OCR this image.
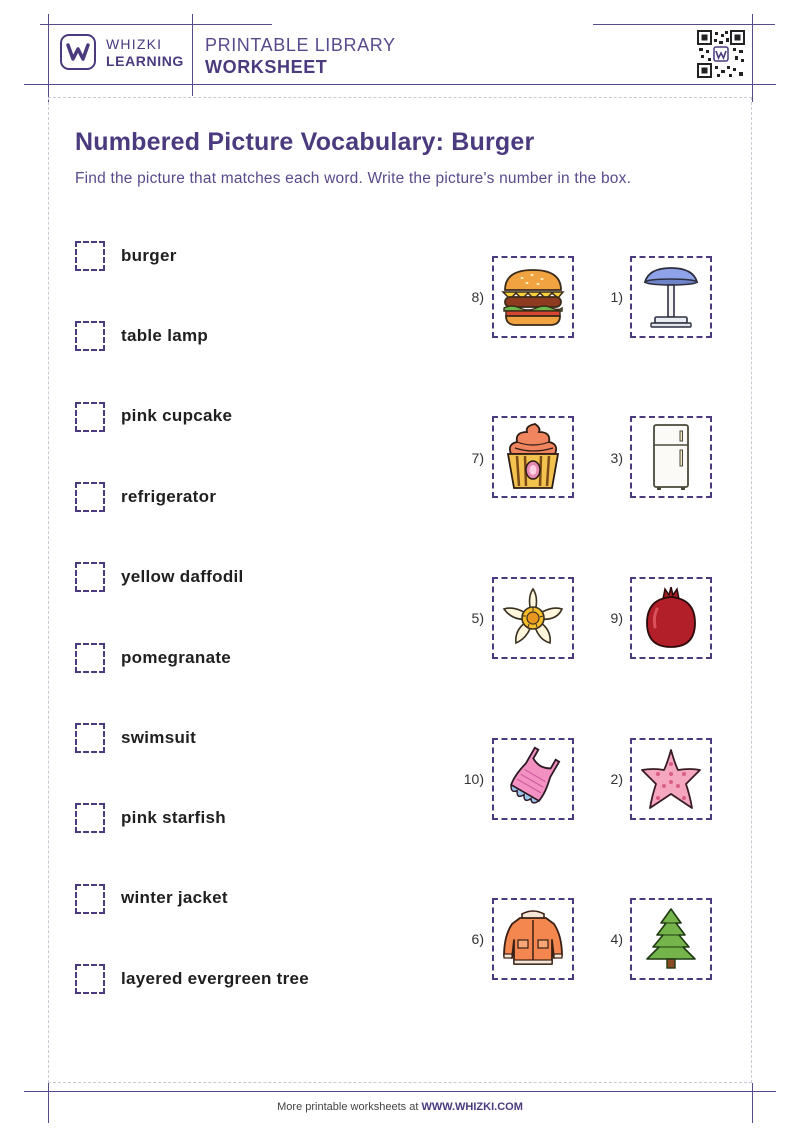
WHIZKI
LEARNING
PRINTABLE LIBRARY
WORKSHEET
Numbered Picture Vocabulary: Burger
Find the picture that matches each word. Write the picture's number in the box.
burger
table lamp
pink cupcake
refrigerator
yellow daffodil
pomegranate
swimsuit
pink starfish
winter jacket
layered evergreen tree
8)	1)
7)	3)
5)	9)
10)	2)
6)	4)
More printable worksheets at WWW.WHIZKI.COM
